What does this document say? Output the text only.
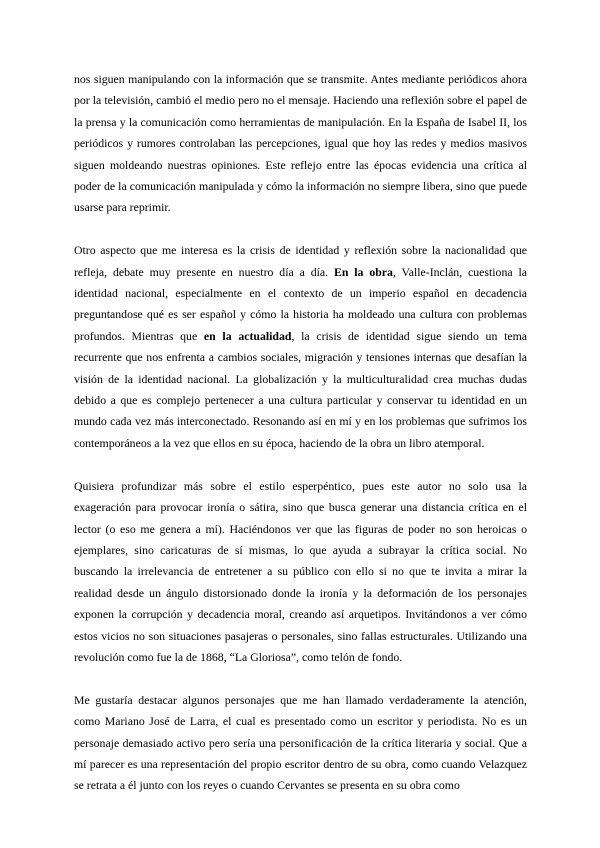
nos siguen manipulando con la información que se transmite. Antes mediante periódicos ahora por la televisión, cambió el medio pero no el mensaje. Haciendo una reflexión sobre el papel de la prensa y la comunicación como herramientas de manipulación. En la España de Isabel II, los periódicos y rumores controlaban las percepciones, igual que hoy las redes y medios masivos siguen moldeando nuestras opiniones. Este reflejo entre las épocas evidencia una crítica al poder de la comunicación manipulada y cómo la información no siempre libera, sino que puede usarse para reprimir.

Otro aspecto que me interesa es la crisis de identidad y reflexión sobre la nacionalidad que refleja, debate muy presente en nuestro día a día. En la obra, Valle-Inclán, cuestiona la identidad nacional, especialmente en el contexto de un imperio español en decadencia preguntandose qué es ser español y cómo la historia ha moldeado una cultura con problemas profundos. Mientras que en la actualidad, la crisis de identidad sigue siendo un tema recurrente que nos enfrenta a cambios sociales, migración y tensiones internas que desafían la visión de la identidad nacional. La globalización y la multiculturalidad crea muchas dudas debido a que es complejo pertenecer a una cultura particular y conservar tu identidad en un mundo cada vez más interconectado. Resonando así en mí y en los problemas que sufrimos los contemporáneos a la vez que ellos en su época, haciendo de la obra un libro atemporal.

Quisiera profundizar más sobre el estilo esperpéntico, pues este autor no solo usa la exageración para provocar ironía o sátira, sino que busca generar una distancia crítica en el lector (o eso me genera a mí). Haciéndonos ver que las figuras de poder no son heroicas o ejemplares, sino caricaturas de sí mismas, lo que ayuda a subrayar la crítica social. No buscando la irrelevancia de entretener a su público con ello si no que te invita a mirar la realidad desde un ángulo distorsionado donde la ironía y la deformación de los personajes exponen la corrupción y decadencia moral, creando así arquetipos. Invitándonos a ver cómo estos vicios no son situaciones pasajeras o personales, sino fallas estructurales. Utilizando una revolución como fue la de 1868, “La Gloriosa”, como telón de fondo.

Me gustaría destacar algunos personajes que me han llamado verdaderamente la atención, como Mariano José de Larra, el cual es presentado como un escritor y periodista. No es un personaje demasiado activo pero sería una personificación de la crítica literaria y social. Que a mí parecer es una representación del propio escritor dentro de su obra, como cuando Velazquez se retrata a él junto con los reyes o cuando Cervantes se presenta en su obra como
